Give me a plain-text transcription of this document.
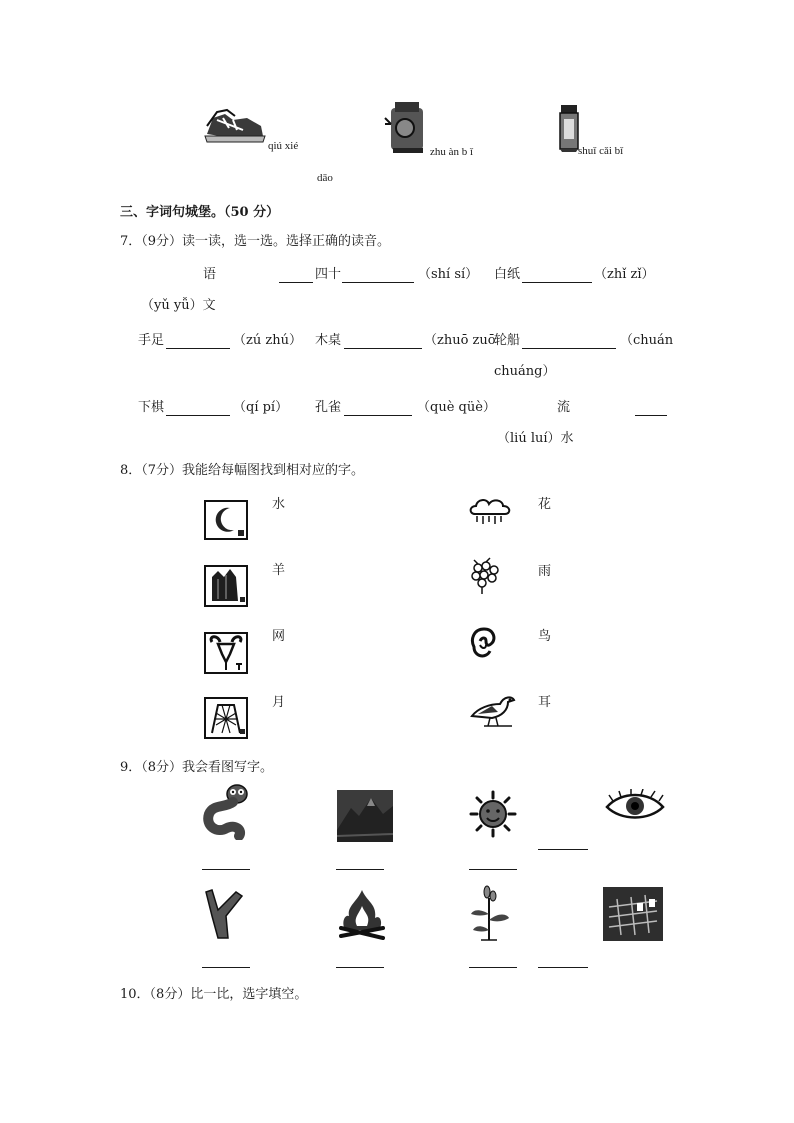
qiú xié	zhu àn b ǐ	shuǐ cǎi bǐ
dāo
三、字词句城堡。（50 分）
7．（9分）读一读，选一选。选择正确的读音。
语	四十	（shí sí） 白纸	（zhǐ zǐ）
（yǔ yǚ）文
手足	（zú zhú） 木桌	（zhuō zuō
轮船	（chuán
chuáng）
下棋	（qí pí） 孔雀	（què qüè）	流
（liú luí）水
8．（7分）我能给每幅图找到相对应的字。
水
羊
网
月
花
雨
鸟
耳
9．（8分）我会看图写字。
10．（8分）比一比，选字填空。
